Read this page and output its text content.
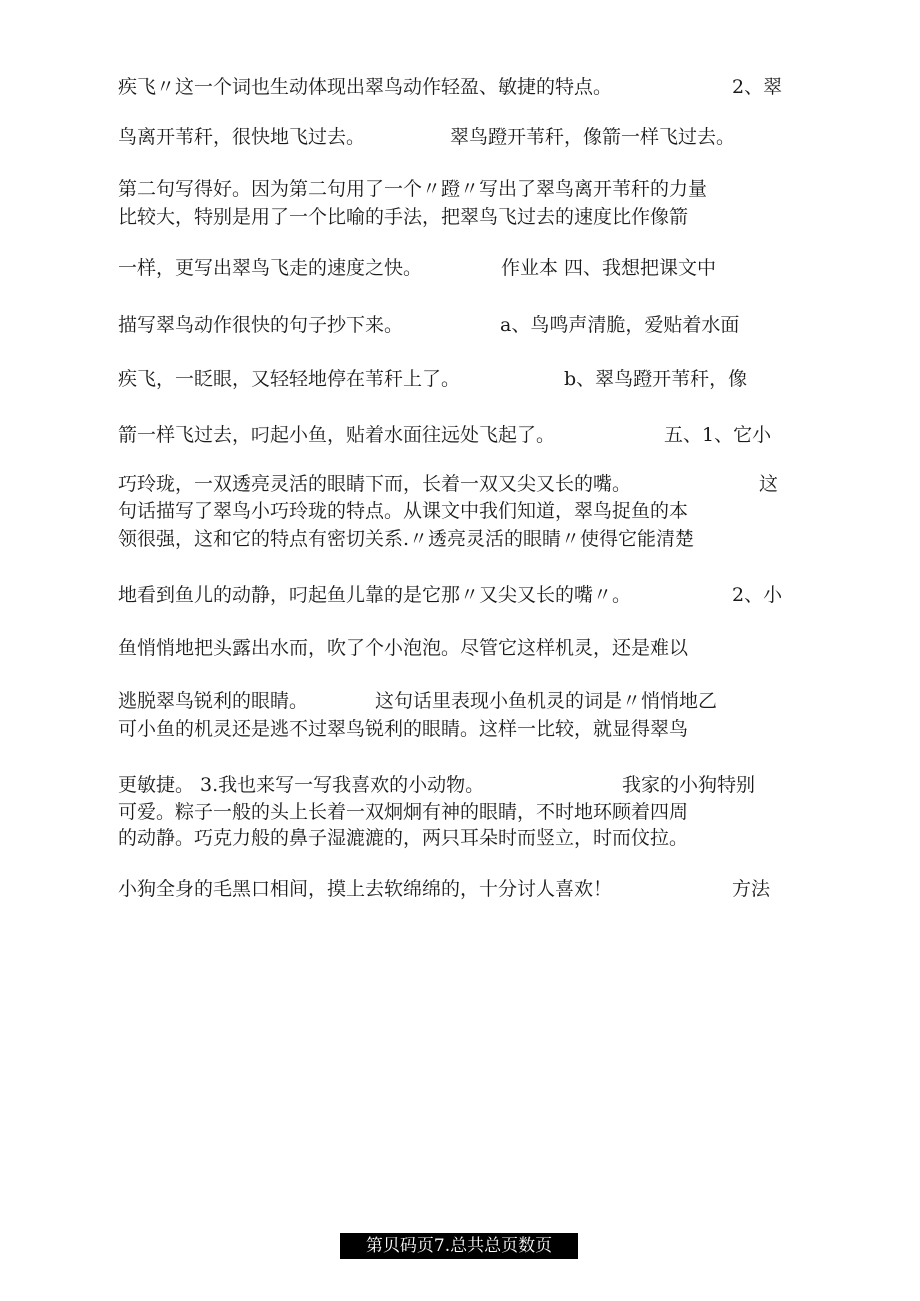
疾飞〃这一个词也生动体现出翠鸟动作轻盈、敏捷的特点。	2、翠
鸟离开苇秆，很快地飞过去。	翠鸟蹬开苇秆，像箭一样飞过去。
第二句写得好。因为第二句用了一个〃蹬〃写出了翠鸟离开苇秆的力量
比较大，特别是用了一个比喻的手法，把翠鸟飞过去的速度比作像箭
一样，更写出翠鸟飞走的速度之快。	作业本 四、我想把课文中
描写翠鸟动作很快的句子抄下来。	a、鸟鸣声清脆，爱贴着水面
疾飞，一眨眼，又轻轻地停在苇秆上了。	b、翠鸟蹬开苇秆，像
箭一样飞过去，叼起小鱼，贴着水面往远处飞起了。	五、1、它小
巧玲珑，一双透亮灵活的眼睛下而，长着一双又尖又长的嘴。	这
句话描写了翠鸟小巧玲珑的特点。从课文中我们知道，翠鸟捉鱼的本
领很强，这和它的特点有密切关系.〃透亮灵活的眼睛〃使得它能清楚
地看到鱼儿的动静，叼起鱼儿靠的是它那〃又尖又长的嘴〃。	2、小
鱼悄悄地把头露出水而，吹了个小泡泡。尽管它这样机灵，还是难以
逃脱翠鸟锐利的眼睛。	这句话里表现小鱼机灵的词是〃悄悄地乙
可小鱼的机灵还是逃不过翠鸟锐利的眼睛。这样一比较，就显得翠鸟
更敏捷。 3.我也来写一写我喜欢的小动物。	我家的小狗特别
可爱。粽子一般的头上长着一双炯炯有神的眼睛，不时地环顾着四周
的动静。巧克力般的鼻子湿漉漉的，两只耳朵时而竖立，时而伩拉。
小狗全身的毛黑口相间，摸上去软绵绵的，十分讨人喜欢！	方法
第贝码页7.总共总页数页
